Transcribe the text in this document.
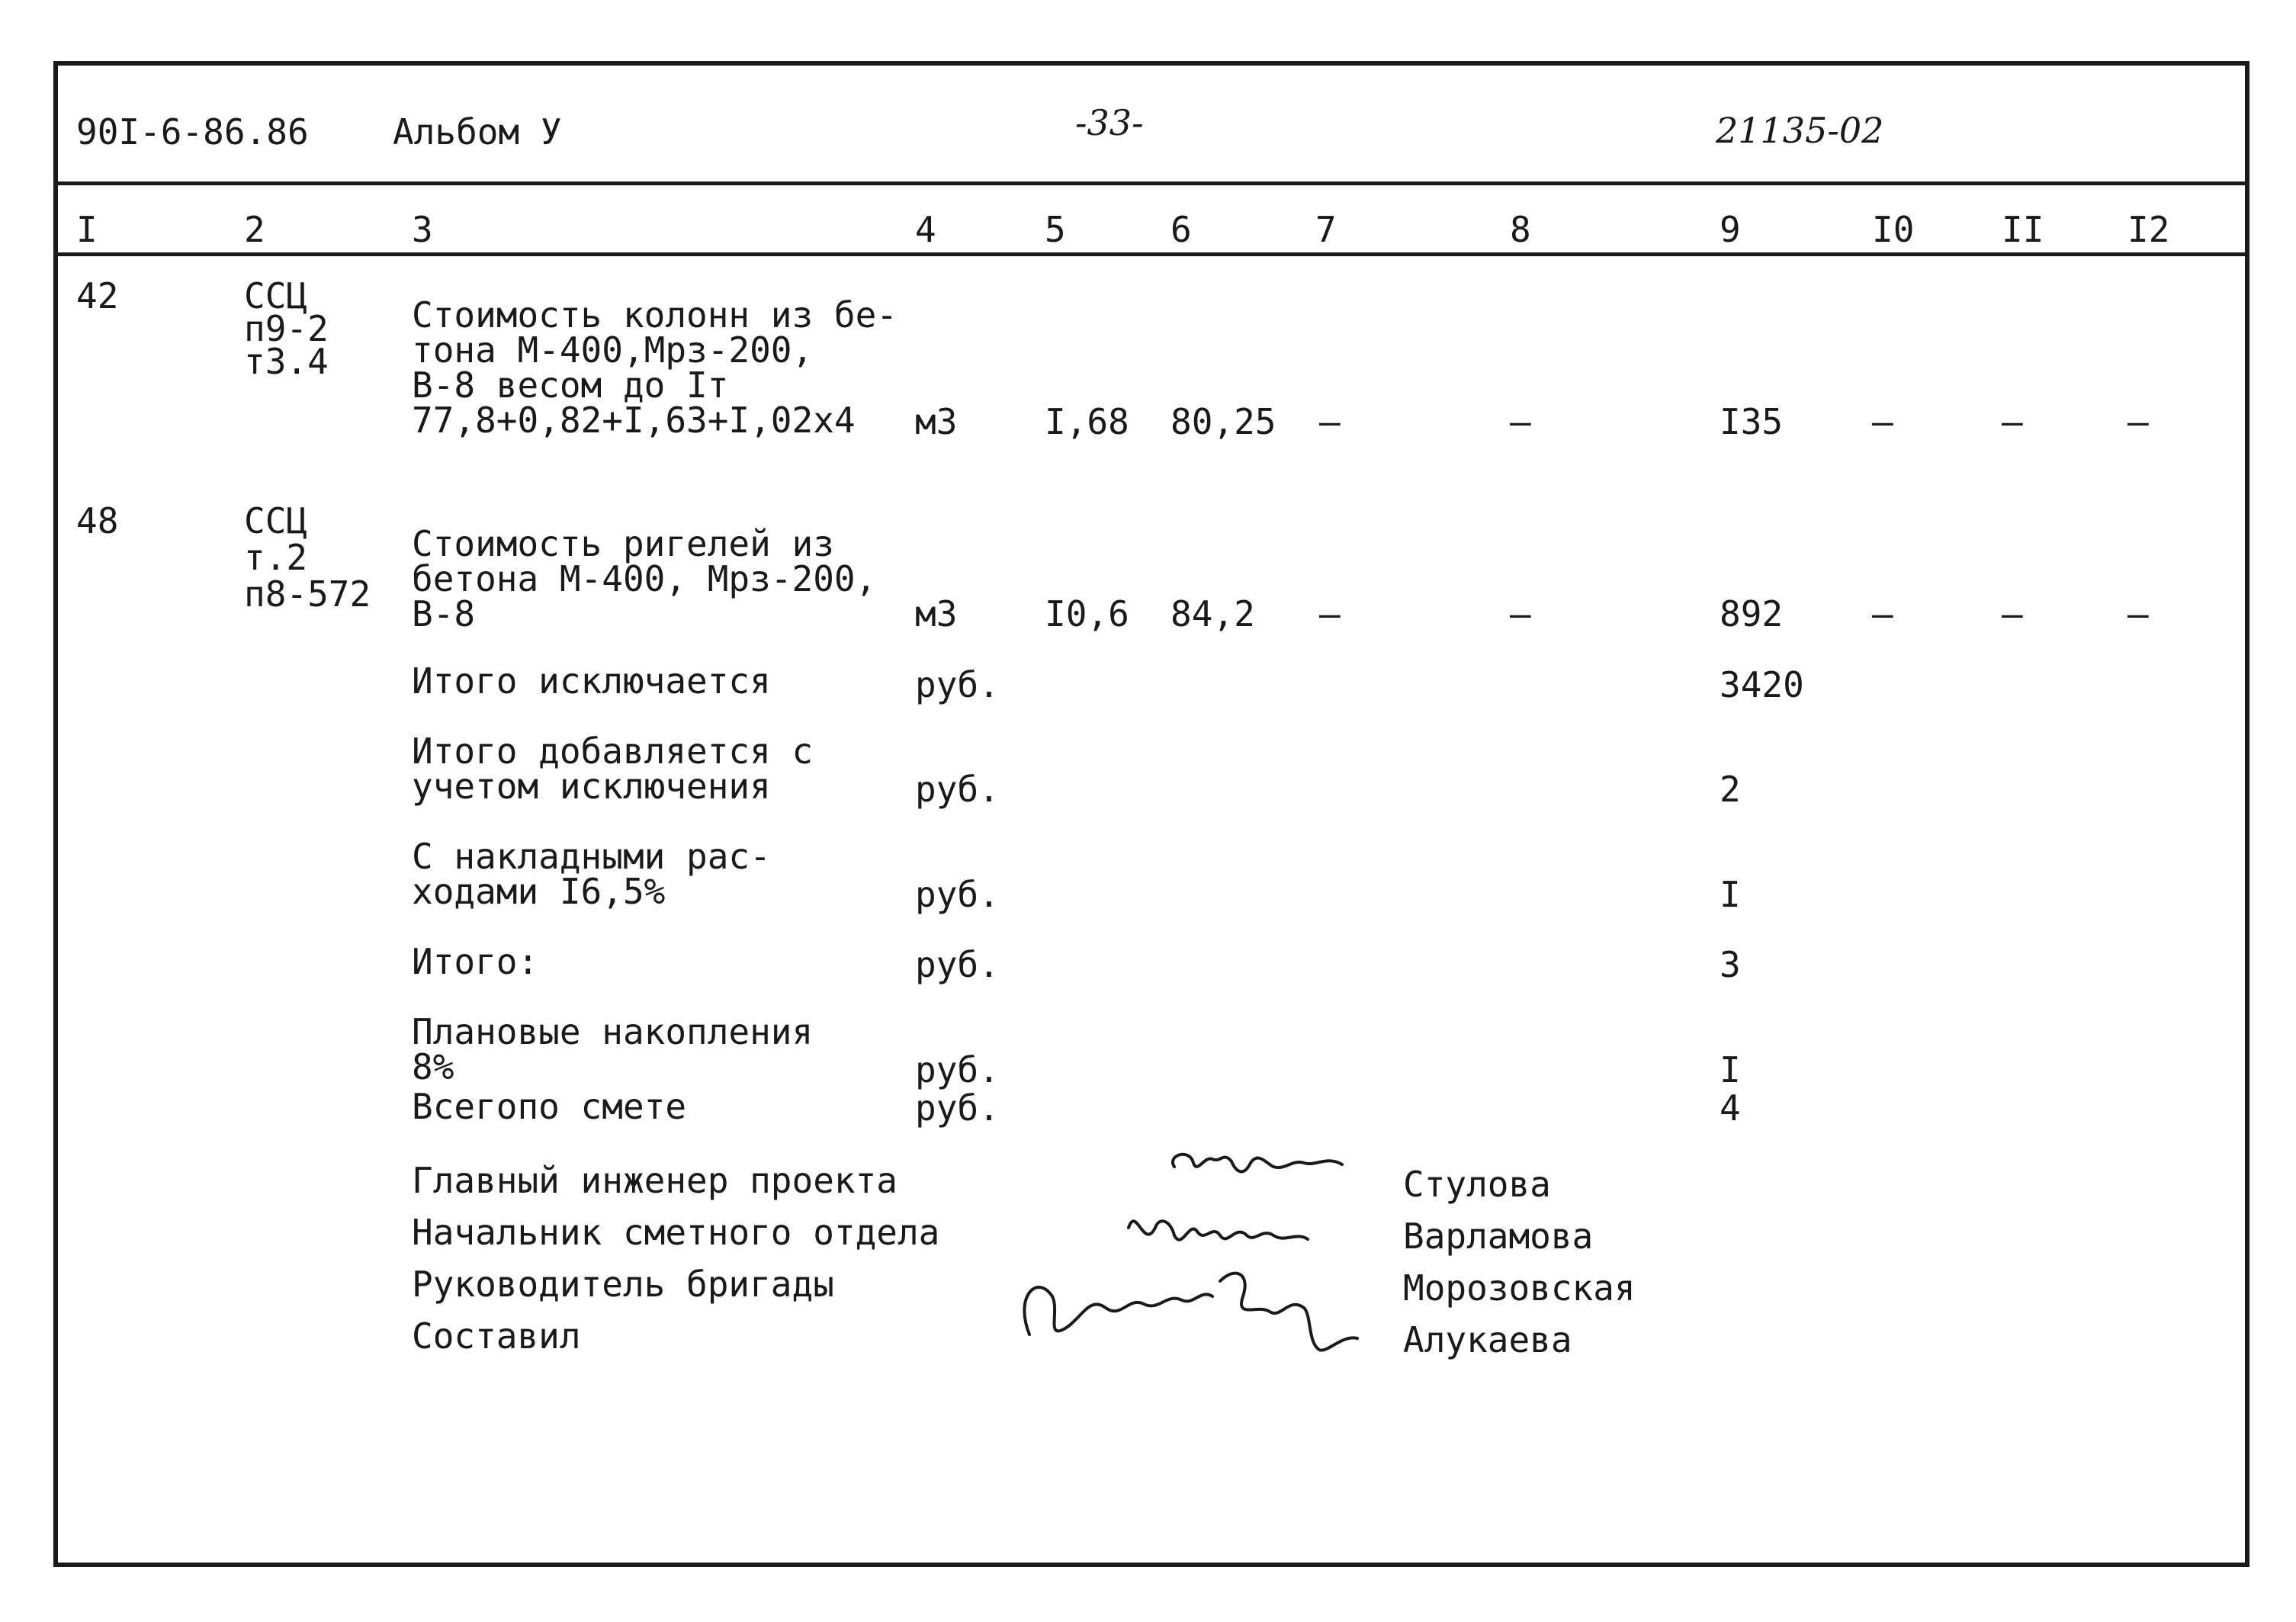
90I-6-86.86 Альбом У	-33-	21135-02
I	2	3	4	5	6	7	8	9	I0 II I2
42	ССЦ
п9-2
т3.4
Стоимость колонн из бе-
тона М-400,Мрз-200,
В-8 весом до Iт
77,8+0,82+I,63+I,02x4 м3 I,68 80,25 –	–	I35	–	–	–
48	ССЦ
т.2
п8-572
Стоимость ригелей из
бетона М-400, Мрз-200,
В-8	м3 I0,6 84,2 –	–	892	–	–	–
Итого исключается	руб.	3420
Итого добавляется с
учетом исключения	руб.	2
С накладными рас-
ходами I6,5%	руб.	I
Итого:	руб.	3
Плановые накопления
8%	руб.	I
Всегопо смете	руб.	4
Главный инженер проекта
Начальник сметного отдела
Руководитель бригады
Составил
Стулова
Варламова
Морозовская
Алукаева
